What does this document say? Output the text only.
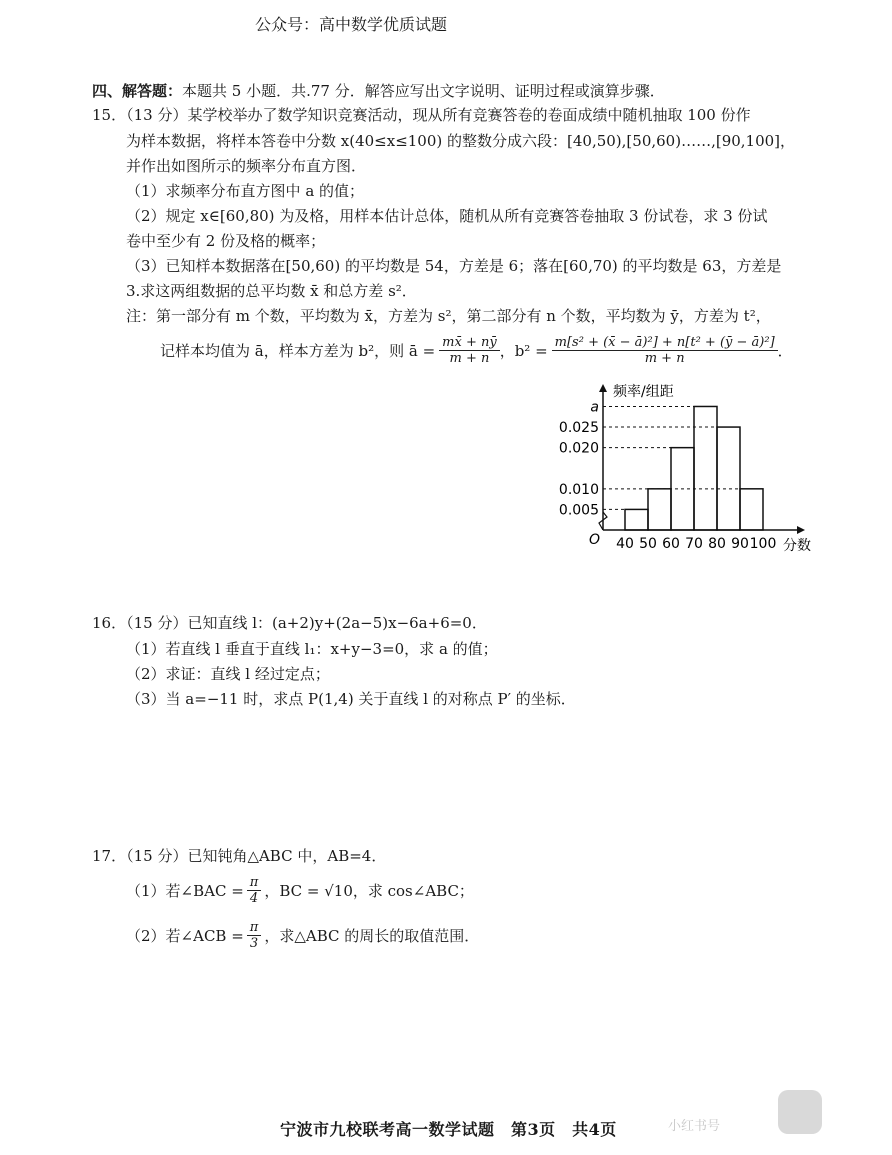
公众号：高中数学优质试题
四、解答题：本题共 5 小题．共.77 分．解答应写出文字说明、证明过程或演算步骤．
15．（13 分）某学校举办了数学知识竞赛活动，现从所有竞赛答卷的卷面成绩中随机抽取 100 份作
为样本数据，将样本答卷中分数 x(40≤x≤100) 的整数分成六段：[40,50),[50,60)……,[90,100]，
并作出如图所示的频率分布直方图．
（1）求频率分布直方图中 a 的值；
（2）规定 x∈[60,80) 为及格，用样本估计总体，随机从所有竞赛答卷抽取 3 份试卷，求 3 份试
卷中至少有 2 份及格的概率；
（3）已知样本数据落在[50,60) 的平均数是 54，方差是 6；落在[60,70) 的平均数是 63，方差是
3.求这两组数据的总平均数 x̄ 和总方差 s²．
注：第一部分有 m 个数，平均数为 x̄，方差为 s²，第二部分有 n 个数，平均数为 ȳ，方差为 t²，
记样本均值为 ā，样本方差为 b²，则 ā = $\frac{mx̄ + nȳ}{m + n}$ ，$b^2 = \frac{\text{m[s² + (x̄ − ā)²] + n[t² + (ȳ − ā)²]}}{m + n}$ ．
频率/组距
分数
O
0.005
0.010
0.020
0.025
a
40 50 60 70 80 90 100
16．（15 分）已知直线 l：(a+2)y+(2a−5)x−6a+6=0．
（1）若直线 l 垂直于直线 l₁：x+y−3=0，求 a 的值；
（2）求证：直线 l 经过定点；
（3）当 a=−11 时，求点 P(1,4) 关于直线 l 的对称点 P′ 的坐标．
17．（15 分）已知钝角△ABC 中，AB=4．
（1）若∠BAC = $\frac{\pi}{4}$ ，BC = √10，求 cos∠ABC；
（2）若∠ACB = $\frac{\pi}{3}$ ，求△ABC 的周长的取值范围．
宁波市九校联考高一数学试题　第3页　共4页	小红书号
